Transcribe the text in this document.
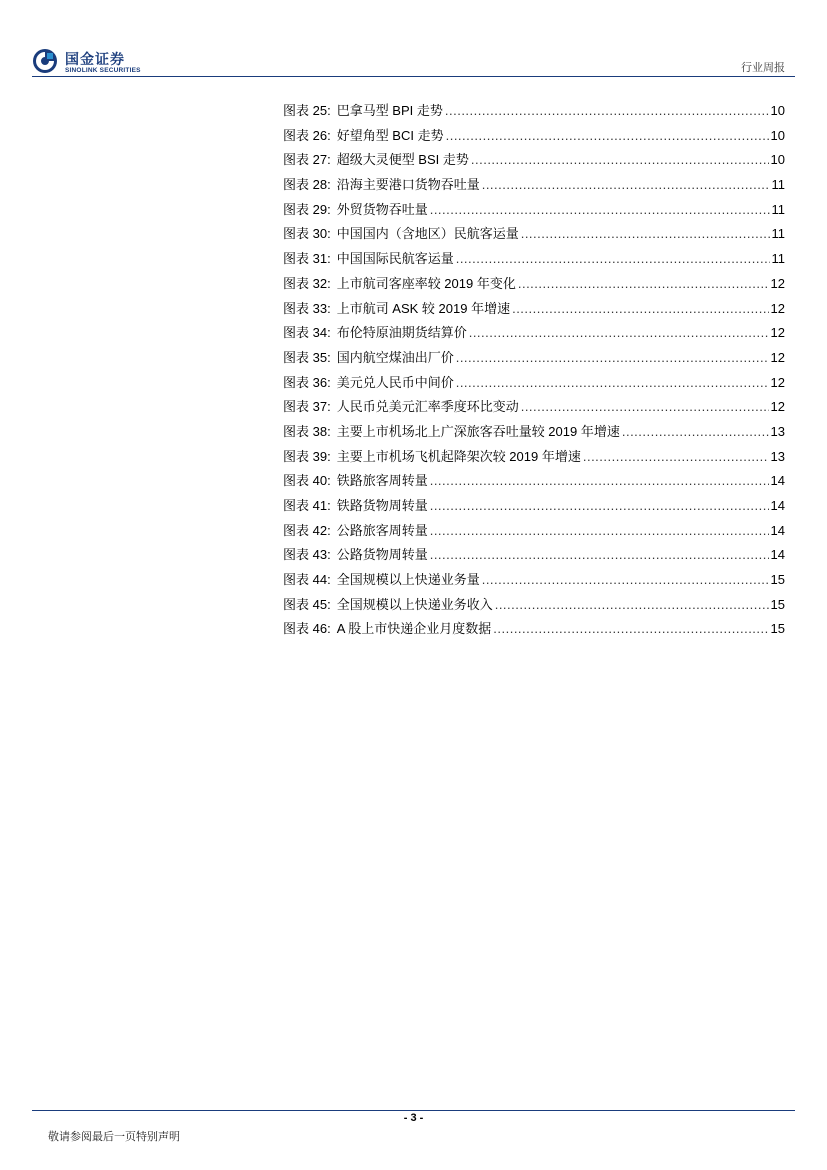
国金证券
SINOLINK SECURITIES	行业周报
图表 25: 巴拿马型 BPI 走势 .....	10
图表 26: 好望角型 BCI 走势 .....	10
图表 27: 超级大灵便型 BSI 走势 .....	10
图表 28: 沿海主要港口货物吞吐量 .....	11
图表 29: 外贸货物吞吐量 .....	11
图表 30: 中国国内（含地区）民航客运量 .....	11
图表 31: 中国国际民航客运量 .....	11
图表 32: 上市航司客座率较 2019 年变化 .....	12
图表 33: 上市航司 ASK 较 2019 年增速 .....	12
图表 34: 布伦特原油期货结算价 .....	12
图表 35: 国内航空煤油出厂价 .....	12
图表 36: 美元兑人民币中间价 .....	12
图表 37: 人民币兑美元汇率季度环比变动 .....	12
图表 38: 主要上市机场北上广深旅客吞吐量较 2019 年增速 .....	13
图表 39: 主要上市机场飞机起降架次较 2019 年增速 .....	13
图表 40: 铁路旅客周转量 .....	14
图表 41: 铁路货物周转量 .....	14
图表 42: 公路旅客周转量 .....	14
图表 43: 公路货物周转量 .....	14
图表 44: 全国规模以上快递业务量 .....	15
图表 45: 全国规模以上快递业务收入 .....	15
图表 46: A 股上市快递企业月度数据 .....	15
- 3 -
敬请参阅最后一页特别声明
